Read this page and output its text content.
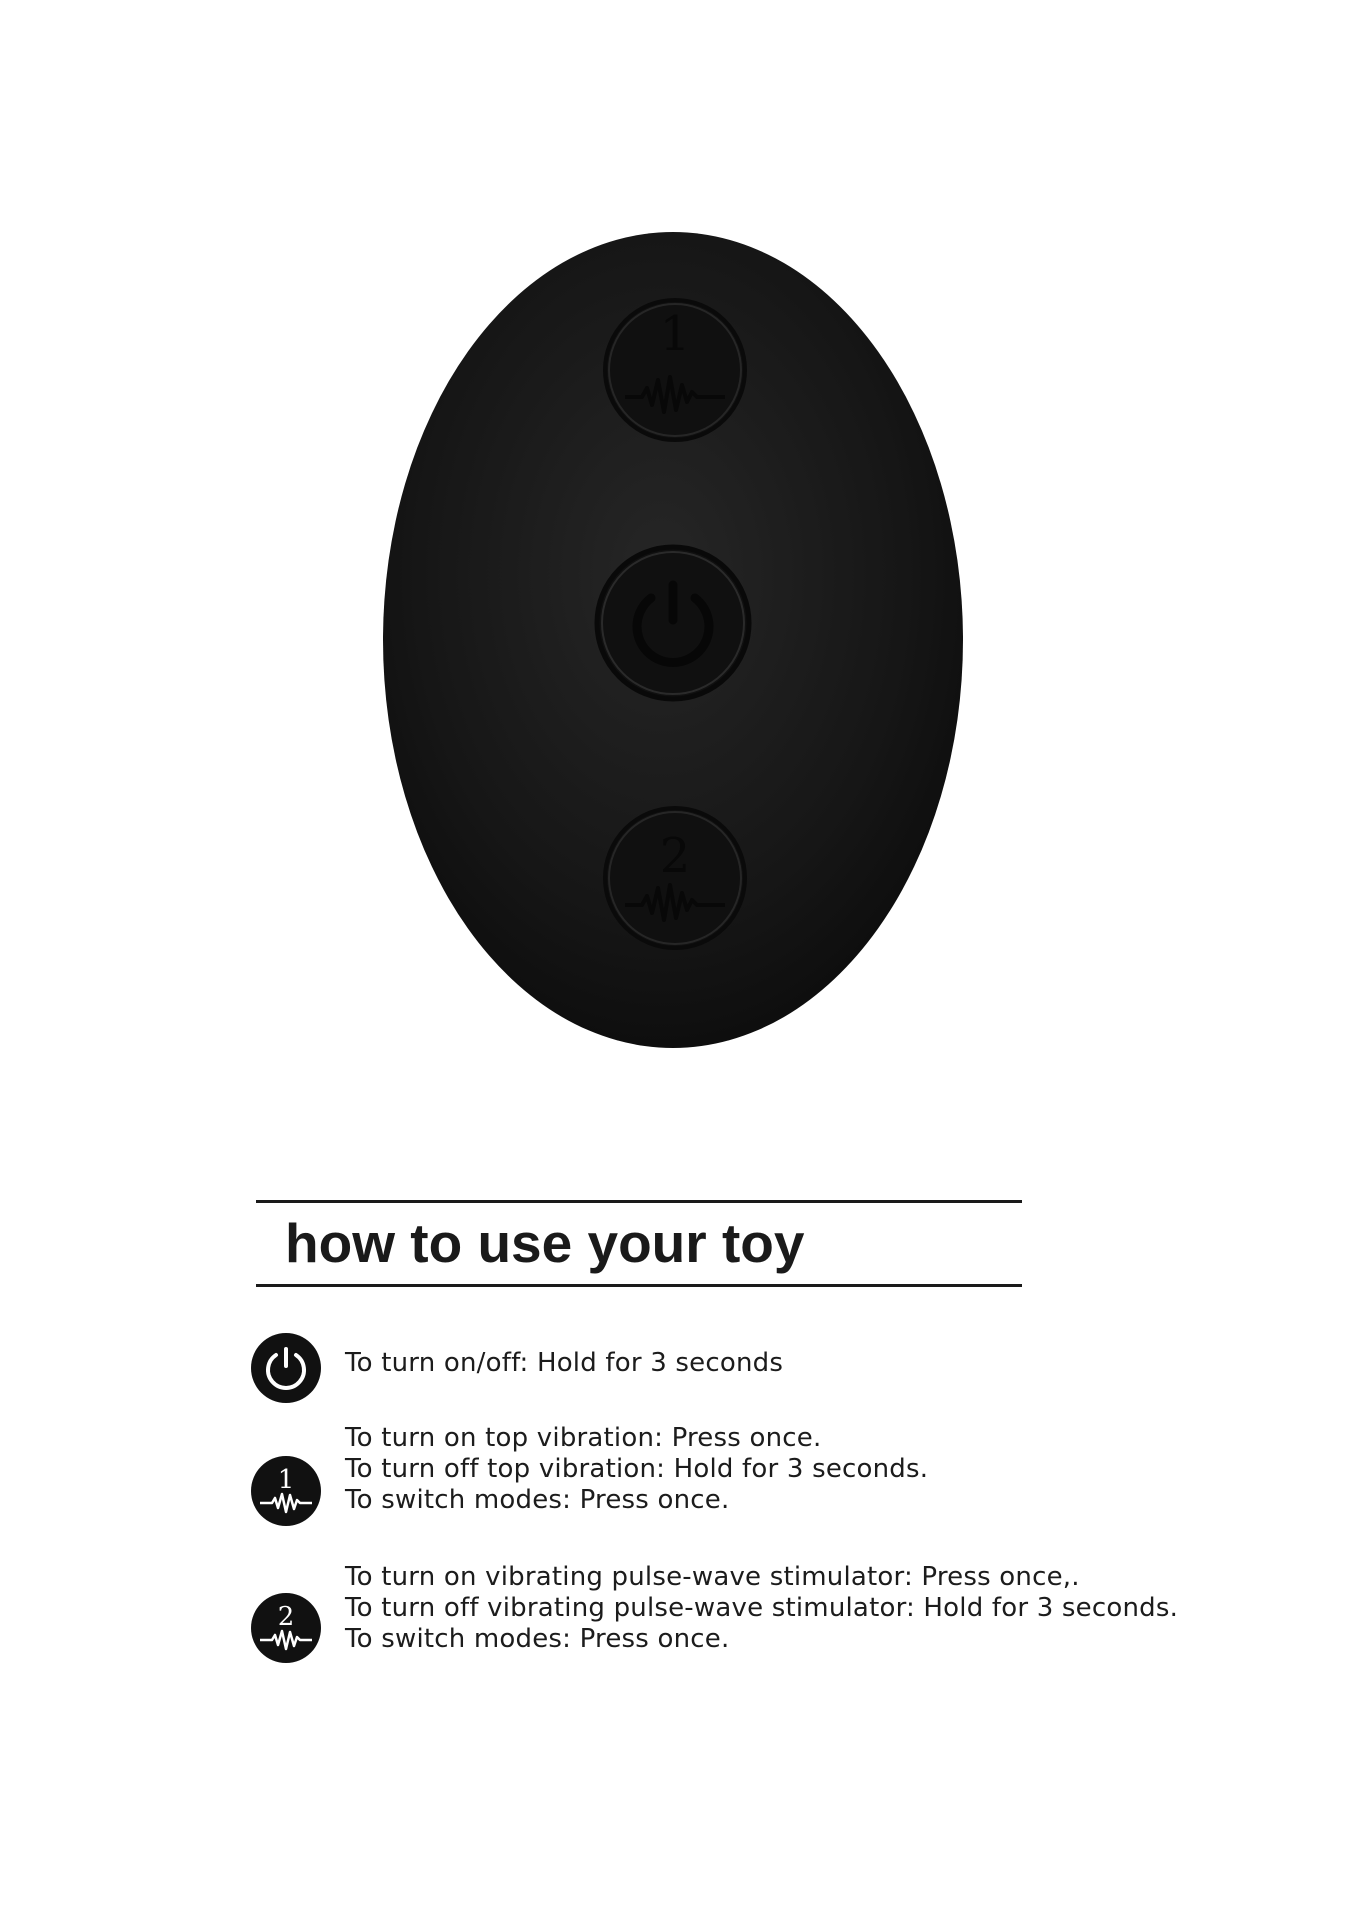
1
2
how to use your toy
To turn on/off: Hold for 3 seconds
1
To turn on top vibration: Press once.
To turn off top vibration: Hold for 3 seconds.
To switch modes: Press once.
2
To turn on vibrating pulse-wave stimulator: Press once,.
To turn off vibrating pulse-wave stimulator: Hold for 3 seconds.
To switch modes: Press once.
